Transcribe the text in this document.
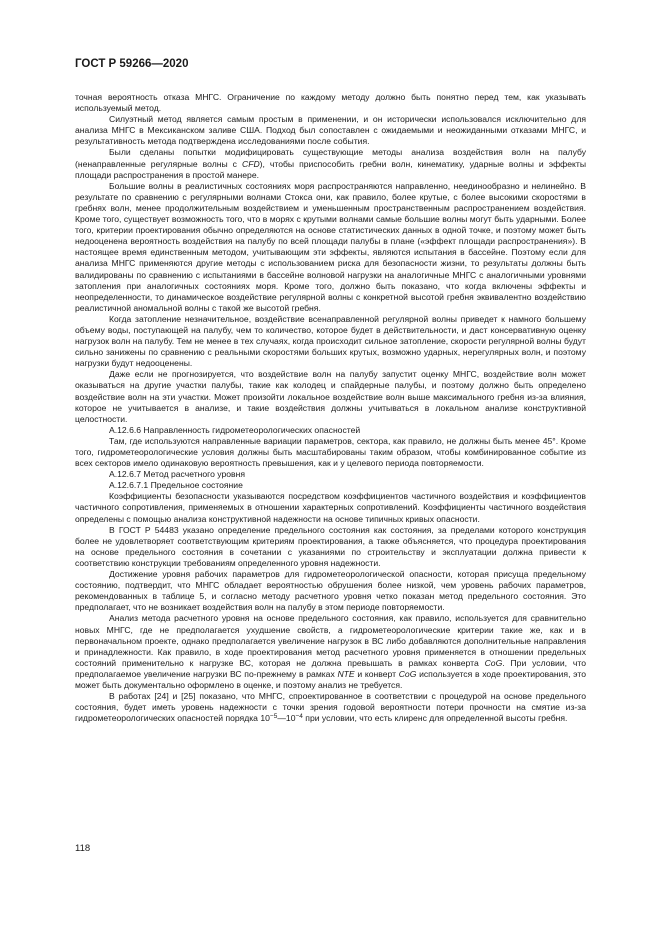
ГОСТ Р 59266—2020

точная вероятность отказа МНГС. Ограничение по каждому методу должно быть понятно перед тем, как указывать используемый метод.

Силуэтный метод является самым простым в применении, и он исторически использовался исключительно для анализа МНГС в Мексиканском заливе США. Подход был сопоставлен с ожидаемыми и неожиданными отказами МНГС, и результативность метода подтверждена исследованиями после события.

Были сделаны попытки модифицировать существующие методы анализа воздействия волн на палубу (ненаправленные регулярные волны с CFD), чтобы приспособить гребни волн, кинематику, ударные волны и эффекты площади распространения в простой манере.

Большие волны в реалистичных состояниях моря распространяются направленно, неединообразно и нелинейно. В результате по сравнению с регулярными волнами Стокса они, как правило, более крутые, с более высокими скоростями в гребнях волн, менее продолжительным воздействием и уменьшенным пространственным распространением воздействия. Кроме того, существует возможность того, что в морях с крутыми волнами самые большие волны могут быть ударными. Более того, критерии проектирования обычно определяются на основе статистических данных в одной точке, и поэтому может быть недооценена вероятность воздействия на палубу по всей площади палубы в плане («эффект площади распространения»). В настоящее время единственным методом, учитывающим эти эффекты, являются испытания в бассейне. Поэтому если для анализа МНГС применяются другие методы с использованием риска для безопасности жизни, то результаты должны быть валидированы по сравнению с испытаниями в бассейне волновой нагрузки на аналогичные МНГС с аналогичными уровнями затопления при аналогичных состояниях моря. Кроме того, должно быть показано, что когда включены эффекты и неопределенности, то динамическое воздействие регулярной волны с конкретной высотой гребня эквивалентно воздействию реалистичной аномальной волны с такой же высотой гребня.

Когда затопление незначительное, воздействие всенаправленной регулярной волны приведет к намного большему объему воды, поступающей на палубу, чем то количество, которое будет в действительности, и даст консервативную оценку нагрузок волн на палубу. Тем не менее в тех случаях, когда происходит сильное затопление, скорости регулярной волны будут сильно занижены по сравнению с реальными скоростями больших крутых, возможно ударных, нерегулярных волн, и поэтому нагрузки будут недооценены.

Даже если не прогнозируется, что воздействие волн на палубу запустит оценку МНГС, воздействие волн может оказываться на другие участки палубы, такие как колодец и спайдерные палубы, и поэтому должно быть определено воздействие волн на эти участки. Может произойти локальное воздействие волн выше максимального гребня из-за влияния, которое не учитывается в анализе, и такие воздействия должны учитываться в локальном анализе конструктивной целостности.

А.12.6.6 Направленность гидрометеорологических опасностей

Там, где используются направленные вариации параметров, сектора, как правило, не должны быть менее 45°. Кроме того, гидрометеорологические условия должны быть масштабированы таким образом, чтобы комбинированное событие из всех секторов имело одинаковую вероятность превышения, как и у целевого периода повторяемости.

А.12.6.7 Метод расчетного уровня

А.12.6.7.1 Предельное состояние

Коэффициенты безопасности указываются посредством коэффициентов частичного воздействия и коэффициентов частичного сопротивления, применяемых в отношении характерных сопротивлений. Коэффициенты частичного воздействия определены с помощью анализа конструктивной надежности на основе типичных кривых опасности.

В ГОСТ Р 54483 указано определение предельного состояния как состояния, за пределами которого конструкция более не удовлетворяет соответствующим критериям проектирования, а также объясняется, что процедура проектирования на основе предельного состояния в сочетании с указаниями по строительству и эксплуатации должна привести к соответствию конструкции требованиям определенного уровня надежности.

Достижение уровня рабочих параметров для гидрометеорологической опасности, которая присуща предельному состоянию, подтвердит, что МНГС обладает вероятностью обрушения более низкой, чем уровень рабочих параметров, рекомендованных в таблице 5, и согласно методу расчетного уровня четко показан метод предельного состояния. Это предполагает, что не возникает воздействия волн на палубу в этом периоде повторяемости.

Анализ метода расчетного уровня на основе предельного состояния, как правило, используется для сравнительно новых МНГС, где не предполагается ухудшение свойств, а гидрометеорологические критерии такие же, как и в первоначальном проекте, однако предполагается увеличение нагрузок в ВС либо добавляются дополнительные направления и принадлежности. Как правило, в ходе проектирования метод расчетного уровня применяется в отношении предельных состояний применительно к нагрузке ВС, которая не должна превышать в рамках конверта CoG. При условии, что предполагаемое увеличение нагрузки ВС по-прежнему в рамках NTE и конверт CoG используется в ходе проектирования, это может быть документально оформлено в оценке, и поэтому анализ не требуется.

В работах [24] и [25] показано, что МНГС, спроектированное в соответствии с процедурой на основе предельного состояния, будет иметь уровень надежности с точки зрения годовой вероятности потери прочности на смятие из-за гидрометеорологических опасностей порядка $10^{-5}—10^{-4}$ при условии, что есть клиренс для определенной высоты гребня.

118
